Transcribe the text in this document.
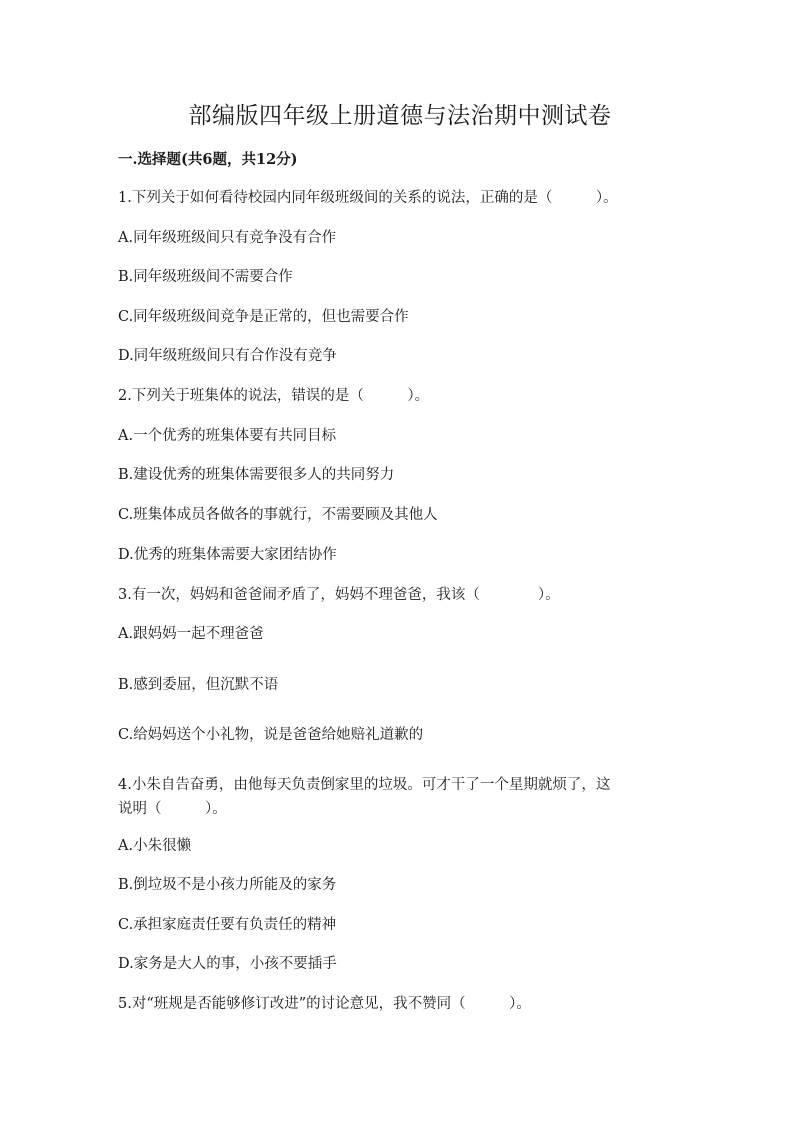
部编版四年级上册道德与法治期中测试卷

一.选择题(共6题，共12分)

1.下列关于如何看待校园内同年级班级间的关系的说法，正确的是（　　　）。

A.同年级班级间只有竞争没有合作

B.同年级班级间不需要合作

C.同年级班级间竞争是正常的，但也需要合作

D.同年级班级间只有合作没有竞争

2.下列关于班集体的说法，错误的是（　　　）。

A.一个优秀的班集体要有共同目标

B.建设优秀的班集体需要很多人的共同努力

C.班集体成员各做各的事就行，不需要顾及其他人

D.优秀的班集体需要大家团结协作

3.有一次，妈妈和爸爸闹矛盾了，妈妈不理爸爸，我该（　　　　）。

A.跟妈妈一起不理爸爸

B.感到委屈，但沉默不语

C.给妈妈送个小礼物，说是爸爸给她赔礼道歉的

4.小朱自告奋勇，由他每天负责倒家里的垃圾。可才干了一个星期就烦了，这

说明（　　　）。

A.小朱很懒

B.倒垃圾不是小孩力所能及的家务

C.承担家庭责任要有负责任的精神

D.家务是大人的事，小孩不要插手

5.对“班规是否能够修订改进”的讨论意见，我不赞同（　　　）。
